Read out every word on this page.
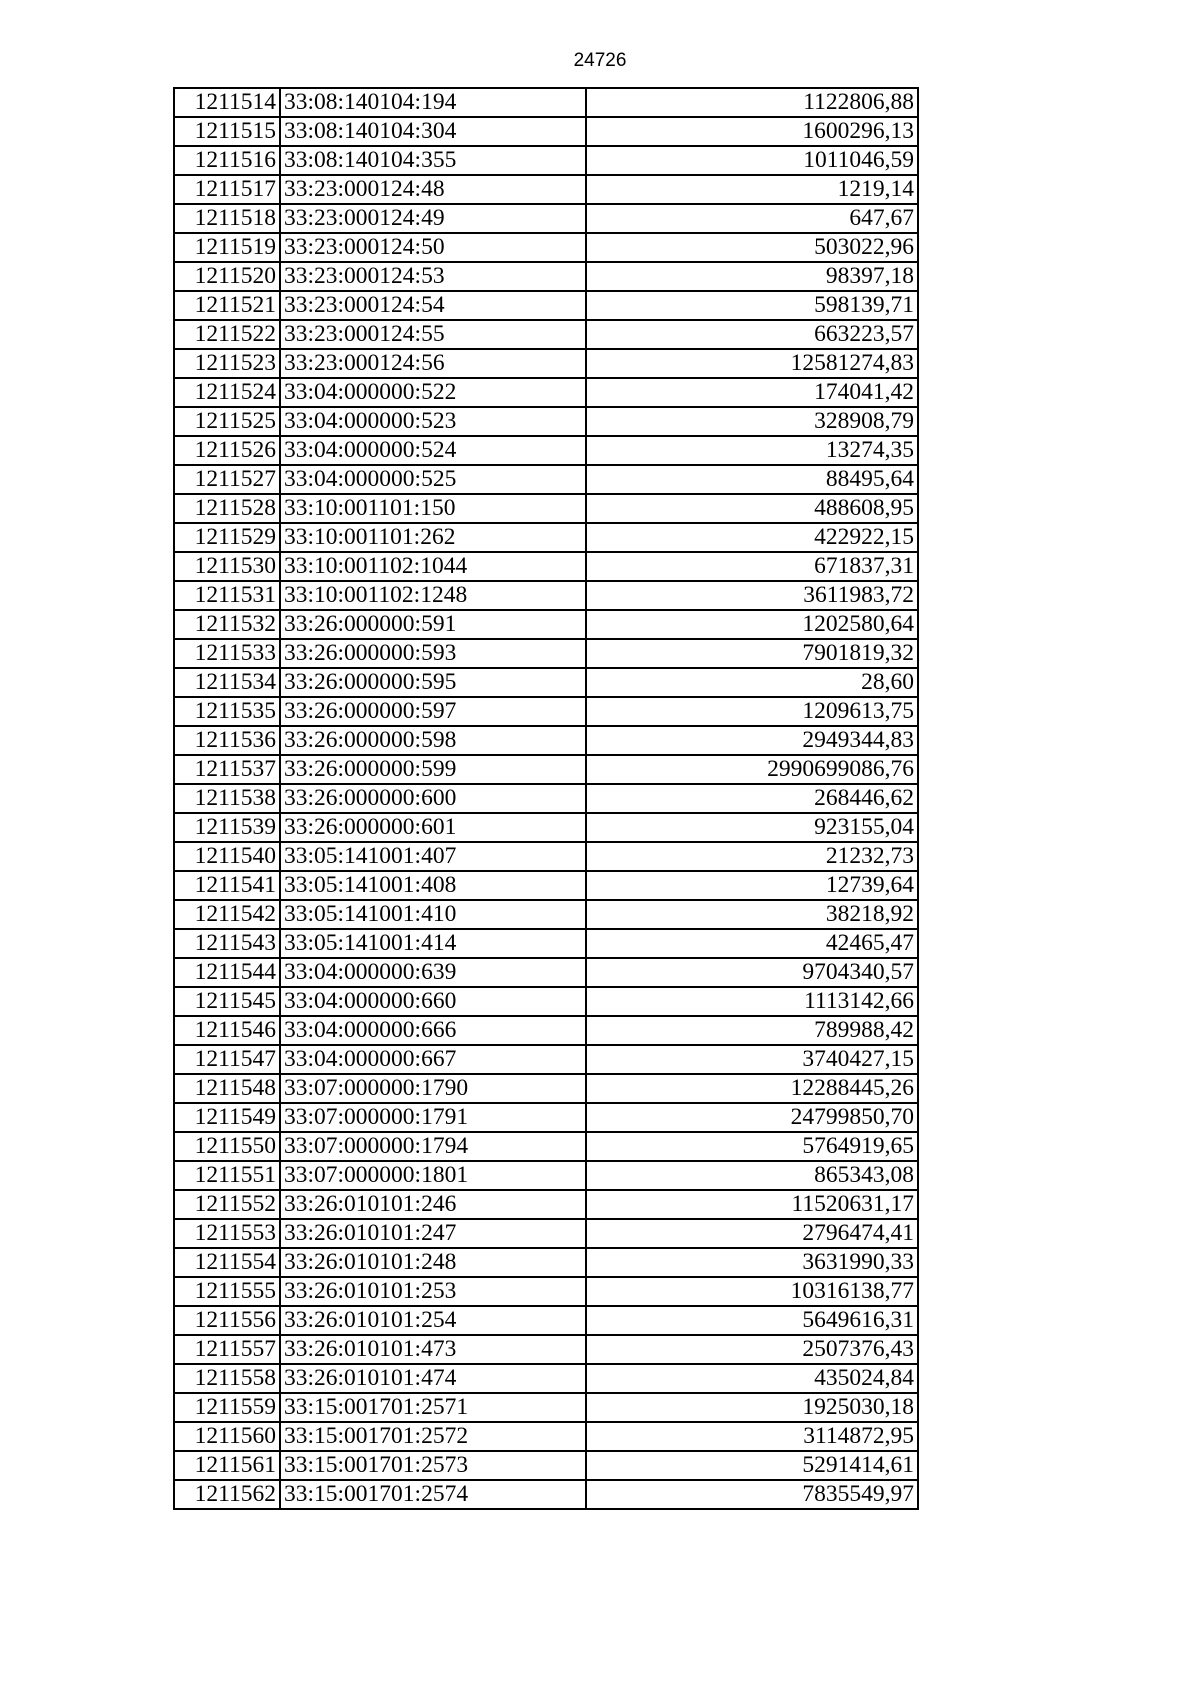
24726
1211514	33:08:140104:194	1122806,88
1211515	33:08:140104:304	1600296,13
1211516	33:08:140104:355	1011046,59
1211517	33:23:000124:48	1219,14
1211518	33:23:000124:49	647,67
1211519	33:23:000124:50	503022,96
1211520	33:23:000124:53	98397,18
1211521	33:23:000124:54	598139,71
1211522	33:23:000124:55	663223,57
1211523	33:23:000124:56	12581274,83
1211524	33:04:000000:522	174041,42
1211525	33:04:000000:523	328908,79
1211526	33:04:000000:524	13274,35
1211527	33:04:000000:525	88495,64
1211528	33:10:001101:150	488608,95
1211529	33:10:001101:262	422922,15
1211530	33:10:001102:1044	671837,31
1211531	33:10:001102:1248	3611983,72
1211532	33:26:000000:591	1202580,64
1211533	33:26:000000:593	7901819,32
1211534	33:26:000000:595	28,60
1211535	33:26:000000:597	1209613,75
1211536	33:26:000000:598	2949344,83
1211537	33:26:000000:599	2990699086,76
1211538	33:26:000000:600	268446,62
1211539	33:26:000000:601	923155,04
1211540	33:05:141001:407	21232,73
1211541	33:05:141001:408	12739,64
1211542	33:05:141001:410	38218,92
1211543	33:05:141001:414	42465,47
1211544	33:04:000000:639	9704340,57
1211545	33:04:000000:660	1113142,66
1211546	33:04:000000:666	789988,42
1211547	33:04:000000:667	3740427,15
1211548	33:07:000000:1790	12288445,26
1211549	33:07:000000:1791	24799850,70
1211550	33:07:000000:1794	5764919,65
1211551	33:07:000000:1801	865343,08
1211552	33:26:010101:246	11520631,17
1211553	33:26:010101:247	2796474,41
1211554	33:26:010101:248	3631990,33
1211555	33:26:010101:253	10316138,77
1211556	33:26:010101:254	5649616,31
1211557	33:26:010101:473	2507376,43
1211558	33:26:010101:474	435024,84
1211559	33:15:001701:2571	1925030,18
1211560	33:15:001701:2572	3114872,95
1211561	33:15:001701:2573	5291414,61
1211562	33:15:001701:2574	7835549,97
